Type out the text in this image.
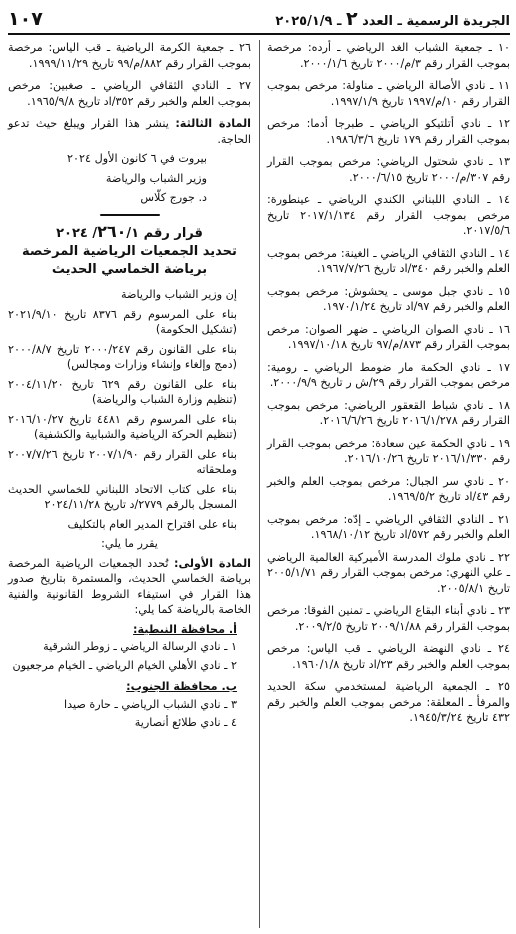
الجريدة الرسمية ـ العدد ٢ ـ ٢٠٢٥/١/٩
١٠٧
١٠ ـ جمعية الشباب الغد الرياضي ـ أرده: مرخصة بموجب القرار رقم ٣/م/٢٠٠٠ تاريخ ٢٠٠٠/١/٦.
١١ ـ نادي الأصالة الرياضي ـ مناولة: مرخص بموجب القرار رقم ١٠/م/١٩٩٧ تاريخ ١٩٩٧/١/٩.
١٢ ـ نادي أتلتيكو الرياضي ـ طبرجا أدما: مرخص بموجب القرار رقم ١٧٩ تاريخ ١٩٨٦/٣/٦.
١٣ ـ نادي شحتول الرياضي: مرخص بموجب القرار رقم ٣٠٧/م/٢٠٠٠ تاريخ ٢٠٠٠/٦/١٥.
١٤ ـ النادي اللبناني الكندي الرياضي ـ عينطورة: مرخص بموجب القرار رقم ٢٠١٧/١/١٣٤ تاريخ ٢٠١٧/٥/٦.
١٤ ـ النادي الثقافي الرياضي ـ الغينة: مرخص بموجب العلم والخبر رقم ٣٤٠/اد تاريخ ١٩٦٧/٧/٢٦.
١٥ ـ نادي جبل موسى ـ يحشوش: مرخص بموجب العلم والخبر رقم ٩٧/اد تاريخ ١٩٧٠/١/٢٤.
١٦ ـ نادي الصوان الرياضي ـ ضهر الصوان: مرخص بموجب القرار رقم ٨٧٣/م/٩٧ تاريخ ١٩٩٧/١٠/١٨.
١٧ ـ نادي الحكمة مار ضومط الرياضي ـ رومية: مرخص بموجب القرار رقم ٢٩/ش ر تاريخ ٢٠٠٠/٩/٩.
١٨ ـ نادي شباط القعقور الرياضي: مرخص بموجب القرار رقم ٢٠١٦/١/٢٧٨ تاريخ ٢٠١٦/٦/٢٦.
١٩ ـ نادي الحكمة عين سعادة: مرخص بموجب القرار رقم ٢٠١٦/١/٣٣٠ تاريخ ٢٠١٦/١٠/٢٦.
٢٠ ـ نادي سر الجبال: مرخص بموجب العلم والخبر رقم ٤٣/اد تاريخ ١٩٦٩/٥/٢.
٢١ ـ النادي الثقافي الرياضي ـ إدّه: مرخص بموجب العلم والخبر رقم ٥٧٢/اد تاريخ ١٩٦٨/١٠/١٢.
٢٢ ـ نادي ملوك المدرسة الأميركية العالمية الرياضي ـ علي النهري: مرخص بموجب القرار رقم ٢٠٠٥/١/٧١ تاريخ ٢٠٠٥/٨/١.
٢٣ ـ نادي أبناء البقاع الرياضي ـ تمنين الفوقا: مرخص بموجب القرار رقم ٢٠٠٩/١/٨٨ تاريخ ٢٠٠٩/٢/٥.
٢٤ ـ نادي النهضة الرياضي ـ قب الياس: مرخص بموجب العلم والخبر رقم ٢٣/اد تاريخ ١٩٦٠/١/٨.
٢٥ ـ الجمعية الرياضية لمستخدمي سكة الحديد والمرفأ ـ المعلقة: مرخص بموجب العلم والخبر رقم ٤٣٢ تاريخ ١٩٤٥/٣/٢٤.
٢٦ ـ جمعية الكرمة الرياضية ـ قب الياس: مرخصة بموجب القرار رقم ٨٨٢/م/٩٩ تاريخ ١٩٩٩/١١/٢٩.
٢٧ ـ النادي الثقافي الرياضي ـ صغبين: مرخص بموجب العلم والخبر رقم ٣٥٢/اد تاريخ ١٩٦٥/٩/٨.
المادة الثالثة: ينشر هذا القرار ويبلغ حيث تدعو الحاجة.
بيروت في ٦ كانون الأول ٢٠٢٤
وزير الشباب والرياضة
د. جورج كلّاس
قرار رقم ٢٦٠/١/ ٢٠٢٤
تحديد الجمعيات الرياضية المرخصة برياضة الخماسي الحديث
إن وزير الشباب والرياضة
بناء على المرسوم رقم ٨٣٧٦ تاريخ ٢٠٢١/٩/١٠ (تشكيل الحكومة)
بناء على القانون رقم ٢٠٠٠/٢٤٧ تاريخ ٢٠٠٠/٨/٧ (دمج وإلغاء وإنشاء وزارات ومجالس)
بناء على القانون رقم ٦٢٩ تاريخ ٢٠٠٤/١١/٢٠ (تنظيم وزارة الشباب والرياضة)
بناء على المرسوم رقم ٤٤٨١ تاريخ ٢٠١٦/١٠/٢٧ (تنظيم الحركة الرياضية والشبابية والكشفية)
بناء على القرار رقم ٢٠٠٧/١/٩٠ تاريخ ٢٠٠٧/٧/٢٦ وملحقاته
بناء على كتاب الاتحاد اللبناني للخماسي الحديث المسجل بالرقم ٢٧٧٩/د تاريخ ٢٠٢٤/١١/٢٨
بناء على اقتراح المدير العام بالتكليف
يقرر ما يلي:
المادة الأولى: تُحدد الجمعيات الرياضية المرخصة برياضة الخماسي الحديث، والمستمرة بتاريخ صدور هذا القرار في استيفاء الشروط القانونية والفنية الخاصة بالرياضة كما يلي:
أ. محافظة النبطية:
١ ـ نادي الرسالة الرياضي ـ زوطر الشرقية
٢ ـ نادي الأهلي الخيام الرياضي ـ الخيام مرجعيون
ب. محافظة الجنوب:
٣ ـ نادي الشباب الرياضي ـ حارة صيدا
٤ ـ نادي طلائع أنصارية
